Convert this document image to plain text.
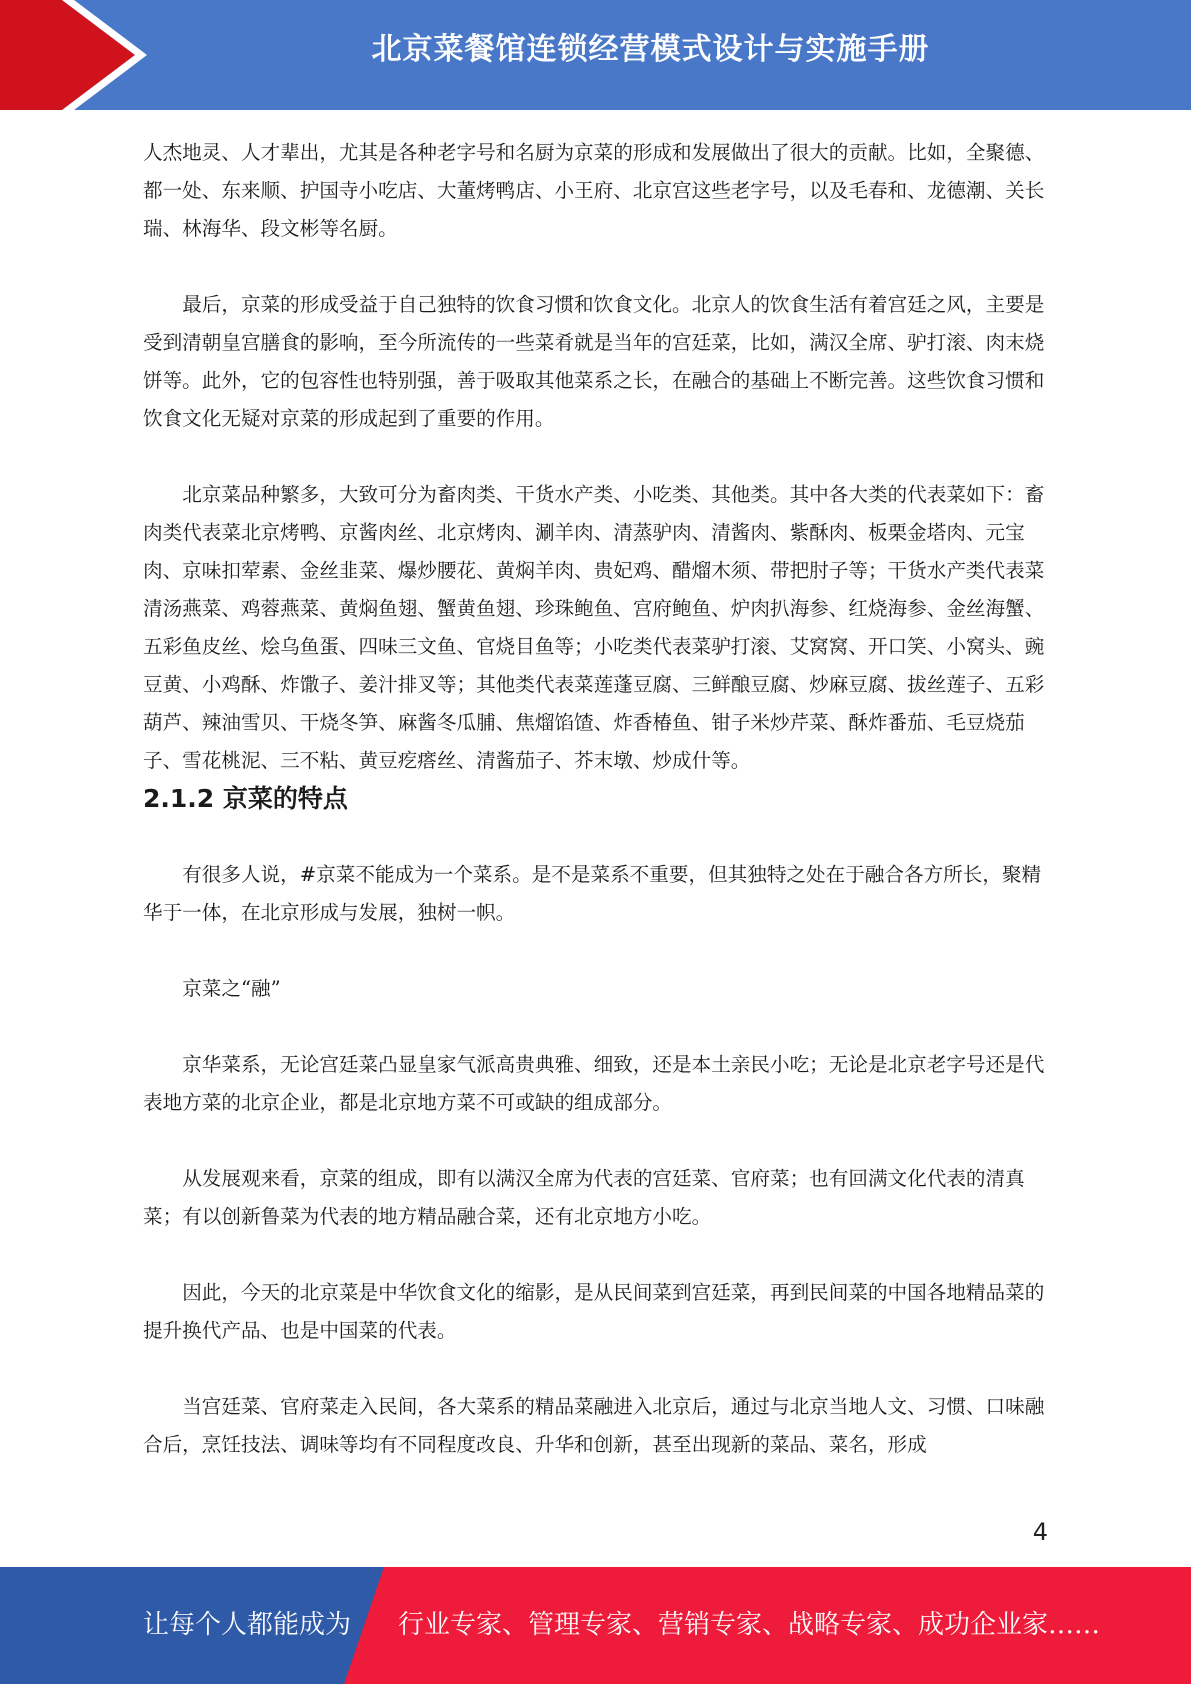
北京菜餐馆连锁经营模式设计与实施手册

人杰地灵、人才辈出，尤其是各种老字号和名厨为京菜的形成和发展做出了很大的贡献。比如，全聚德、都一处、东来顺、护国寺小吃店、大董烤鸭店、小王府、北京宫这些老字号，以及毛春和、龙德潮、关长瑞、林海华、段文彬等名厨。

最后，京菜的形成受益于自己独特的饮食习惯和饮食文化。北京人的饮食生活有着宫廷之风，主要是受到清朝皇宫膳食的影响，至今所流传的一些菜肴就是当年的宫廷菜，比如，满汉全席、驴打滚、肉末烧饼等。此外，它的包容性也特别强，善于吸取其他菜系之长，在融合的基础上不断完善。这些饮食习惯和饮食文化无疑对京菜的形成起到了重要的作用。

北京菜品种繁多，大致可分为畜肉类、干货水产类、小吃类、其他类。其中各大类的代表菜如下：畜肉类代表菜北京烤鸭、京酱肉丝、北京烤肉、涮羊肉、清蒸驴肉、清酱肉、紫酥肉、板栗金塔肉、元宝肉、京味扣荤素、金丝韭菜、爆炒腰花、黄焖羊肉、贵妃鸡、醋熘木须、带把肘子等；干货水产类代表菜清汤燕菜、鸡蓉燕菜、黄焖鱼翅、蟹黄鱼翅、珍珠鲍鱼、宫府鲍鱼、炉肉扒海参、红烧海参、金丝海蟹、五彩鱼皮丝、烩乌鱼蛋、四味三文鱼、官烧目鱼等；小吃类代表菜驴打滚、艾窝窝、开口笑、小窝头、豌豆黄、小鸡酥、炸馓子、姜汁排叉等；其他类代表菜莲蓬豆腐、三鲜酿豆腐、炒麻豆腐、拔丝莲子、五彩葫芦、辣油雪贝、干烧冬笋、麻酱冬瓜脯、焦熘馅馇、炸香椿鱼、钳子米炒芹菜、酥炸番茄、毛豆烧茄子、雪花桃泥、三不粘、黄豆疙瘩丝、清酱茄子、芥末墩、炒成什等。

2.1.2 京菜的特点

有很多人说，#京菜不能成为一个菜系。是不是菜系不重要，但其独特之处在于融合各方所长，聚精华于一体，在北京形成与发展，独树一帜。

京菜之“融”

京华菜系，无论宫廷菜凸显皇家气派高贵典雅、细致，还是本土亲民小吃；无论是北京老字号还是代表地方菜的北京企业，都是北京地方菜不可或缺的组成部分。

从发展观来看，京菜的组成，即有以满汉全席为代表的宫廷菜、官府菜；也有回满文化代表的清真菜；有以创新鲁菜为代表的地方精品融合菜，还有北京地方小吃。

因此，今天的北京菜是中华饮食文化的缩影，是从民间菜到宫廷菜，再到民间菜的中国各地精品菜的提升换代产品、也是中国菜的代表。

当宫廷菜、官府菜走入民间，各大菜系的精品菜融进入北京后，通过与北京当地人文、习惯、口味融合后，烹饪技法、调味等均有不同程度改良、升华和创新，甚至出现新的菜品、菜名，形成

4
让每个人都能成为 行业专家、管理专家、营销专家、战略专家、成功企业家……
